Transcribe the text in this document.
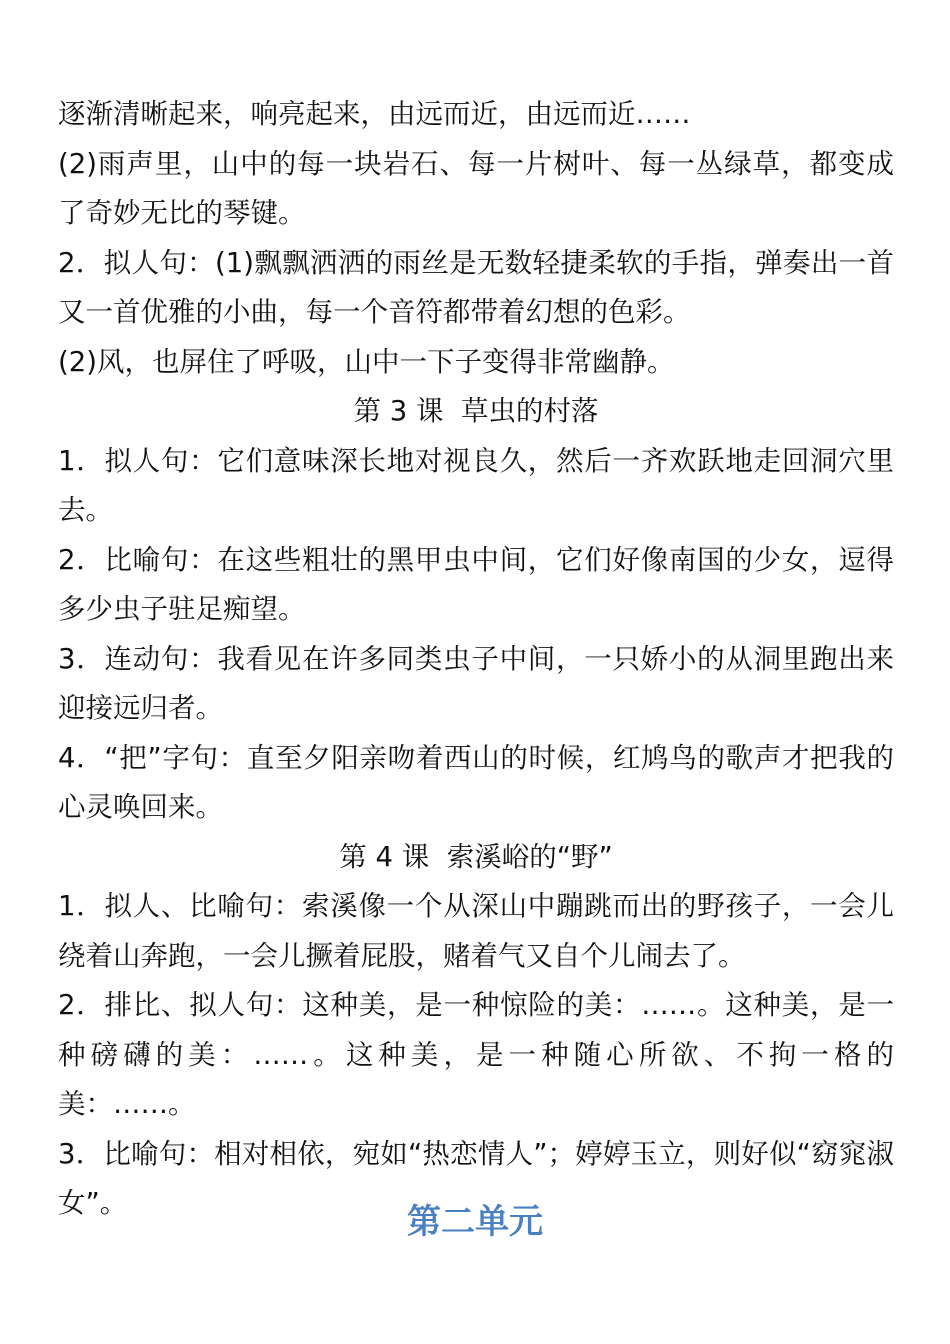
逐渐清晰起来，响亮起来，由远而近，由远而近……

(2)雨声里，山中的每一块岩石、每一片树叶、每一丛绿草，都变成了奇妙无比的琴键。

2．拟人句：(1)飘飘洒洒的雨丝是无数轻捷柔软的手指，弹奏出一首又一首优雅的小曲，每一个音符都带着幻想的色彩。

(2)风，也屏住了呼吸，山中一下子变得非常幽静。

第 3 课  草虫的村落

1．拟人句：它们意味深长地对视良久，然后一齐欢跃地走回洞穴里去。

2．比喻句：在这些粗壮的黑甲虫中间，它们好像南国的少女，逗得多少虫子驻足痴望。

3．连动句：我看见在许多同类虫子中间，一只娇小的从洞里跑出来迎接远归者。

4．“把”字句：直至夕阳亲吻着西山的时候，红鸠鸟的歌声才把我的心灵唤回来。

第 4 课  索溪峪的“野”

1．拟人、比喻句：索溪像一个从深山中蹦跳而出的野孩子，一会儿绕着山奔跑，一会儿撅着屁股，赌着气又自个儿闹去了。

2．排比、拟人句：这种美，是一种惊险的美：……。这种美，是一种磅礴的美：……。这种美，是一种随心所欲、不拘一格的美：……。

3．比喻句：相对相依，宛如“热恋情人”；婷婷玉立，则好似“窈窕淑女”。	第二单元
